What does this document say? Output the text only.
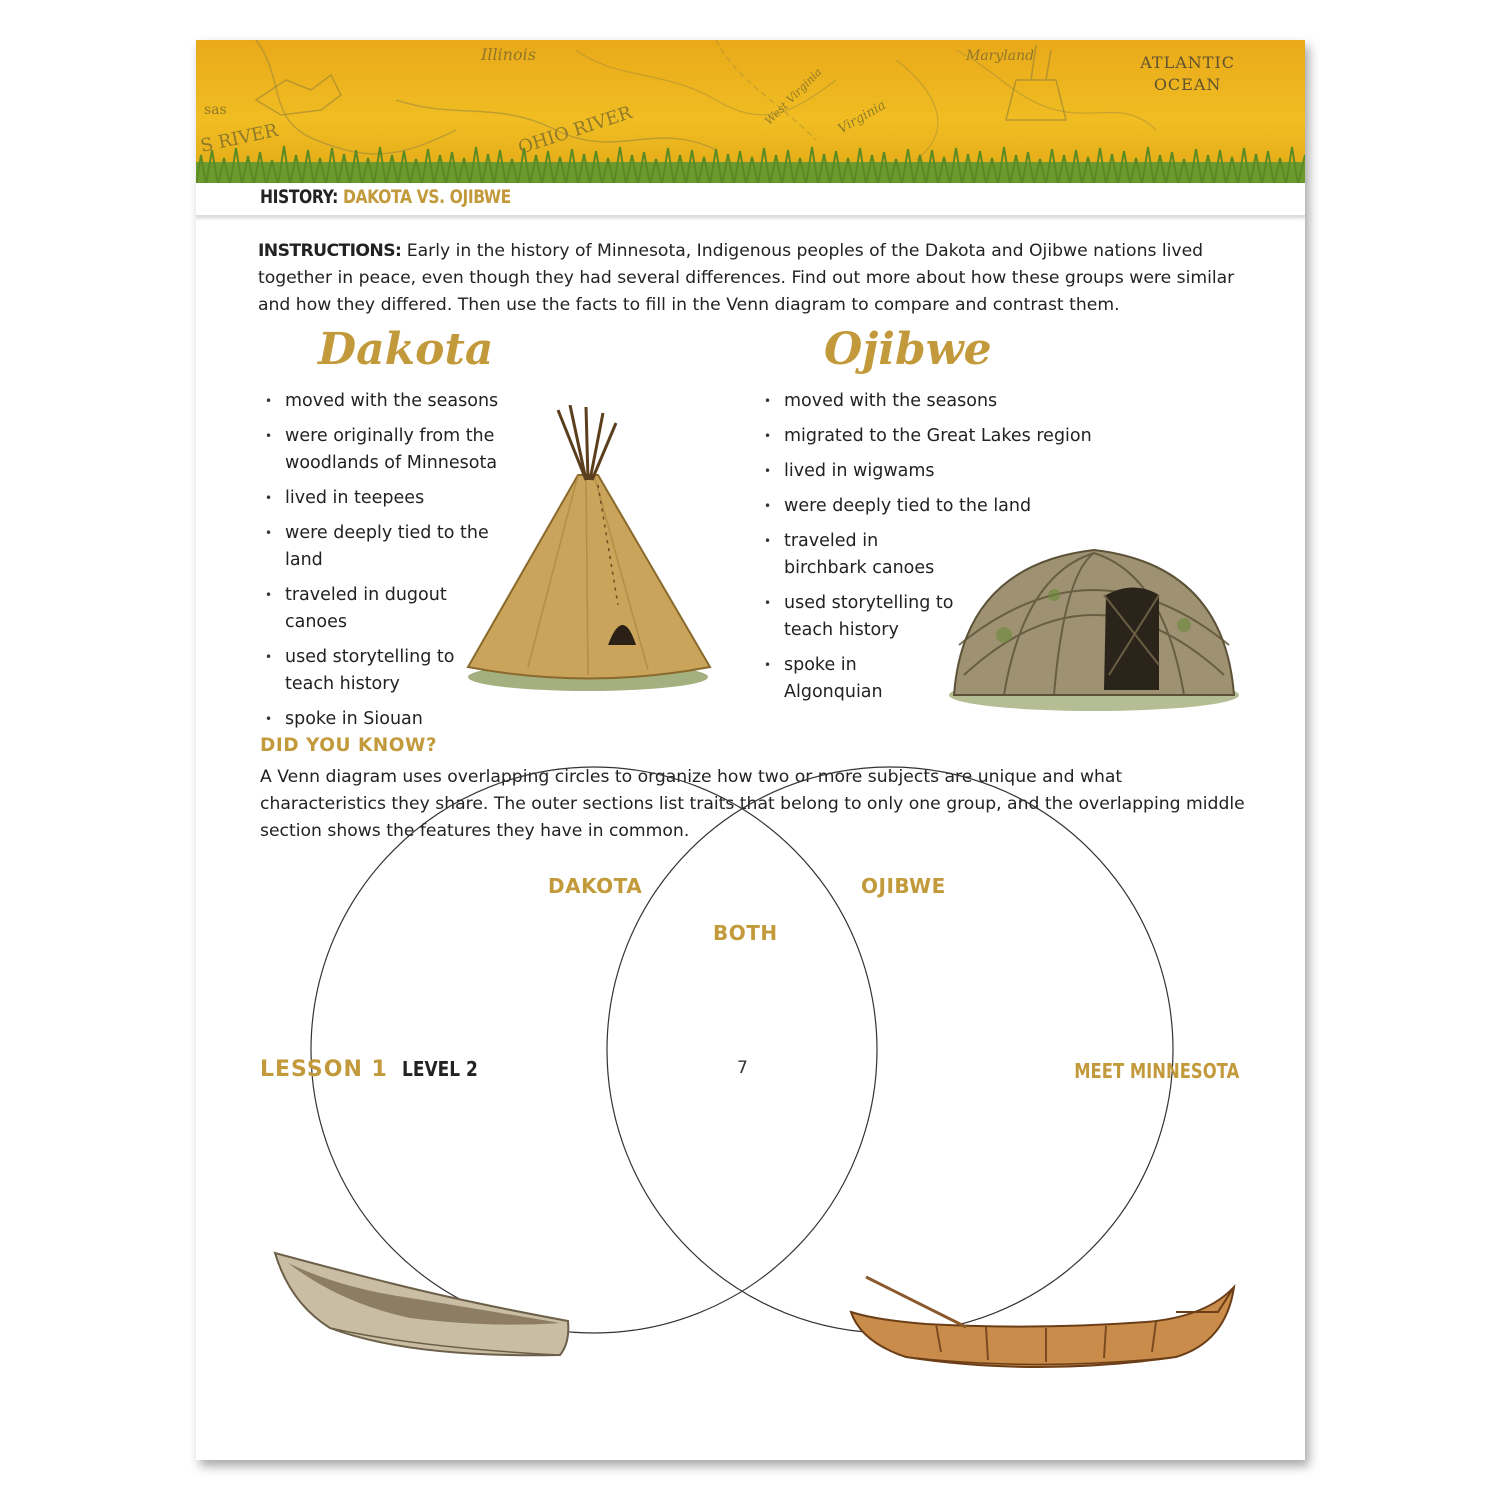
Illinois
OHIO RIVER
Maryland
Virginia
West Virginia
S RIVER
sas
ATLANTIC
OCEAN
HISTORY: DAKOTA VS. OJIBWE
INSTRUCTIONS: Early in the history of Minnesota, Indigenous peoples of the Dakota and Ojibwe nations lived together in peace, even though they had several differences. Find out more about how these groups were similar and how they differed. Then use the facts to fill in the Venn diagram to compare and contrast them.
Dakota
• moved with the seasons
• were originally from the woodlands of Minnesota
• lived in teepees
• were deeply tied to the land
• traveled in dugout canoes
• used storytelling to teach history
• spoke in Siouan
Ojibwe
• moved with the seasons
• migrated to the Great Lakes region
• lived in wigwams
• were deeply tied to the land
• traveled in birchbark canoes
• used storytelling to teach history
• spoke in Algonquian
DID YOU KNOW?
A Venn diagram uses overlapping circles to organize how two or more subjects are unique and what characteristics they share. The outer sections list traits that belong to only one group, and the overlapping middle section shows the features they have in common.
DAKOTA	OJIBWE
BOTH
LESSON 1 LEVEL 2	7	MEET MINNESOTA
